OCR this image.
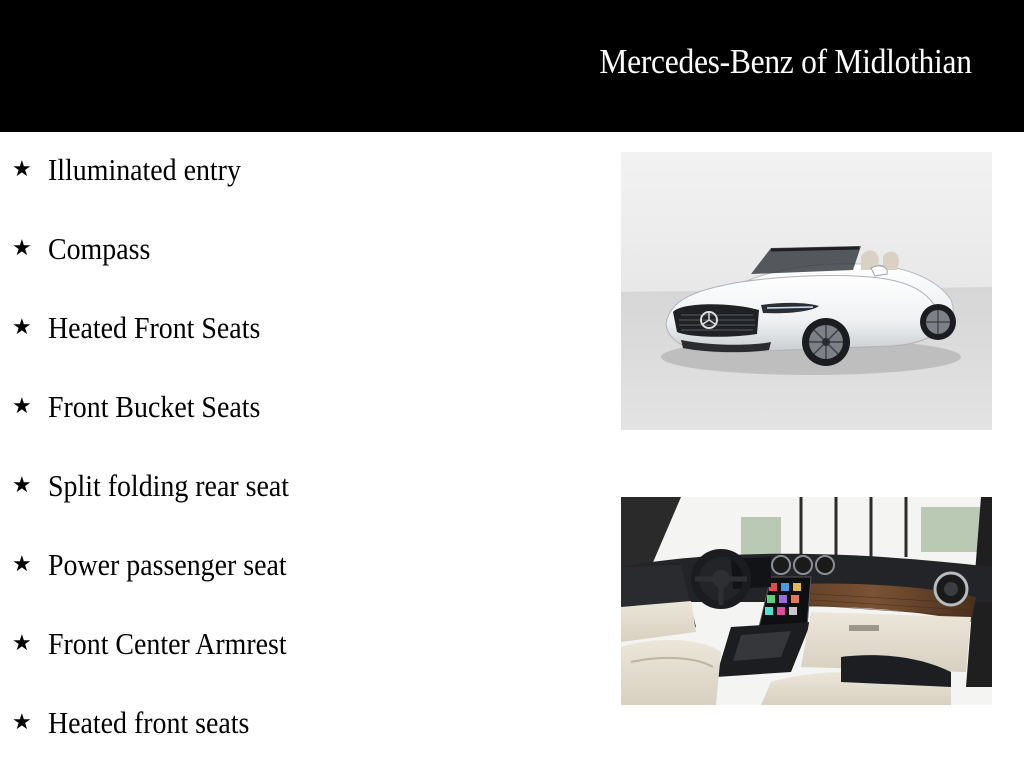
Mercedes-Benz of Midlothian
★ Illuminated entry
★ Compass
★ Heated Front Seats
★ Front Bucket Seats
★ Split folding rear seat
★ Power passenger seat
★ Front Center Armrest
★ Heated front seats
